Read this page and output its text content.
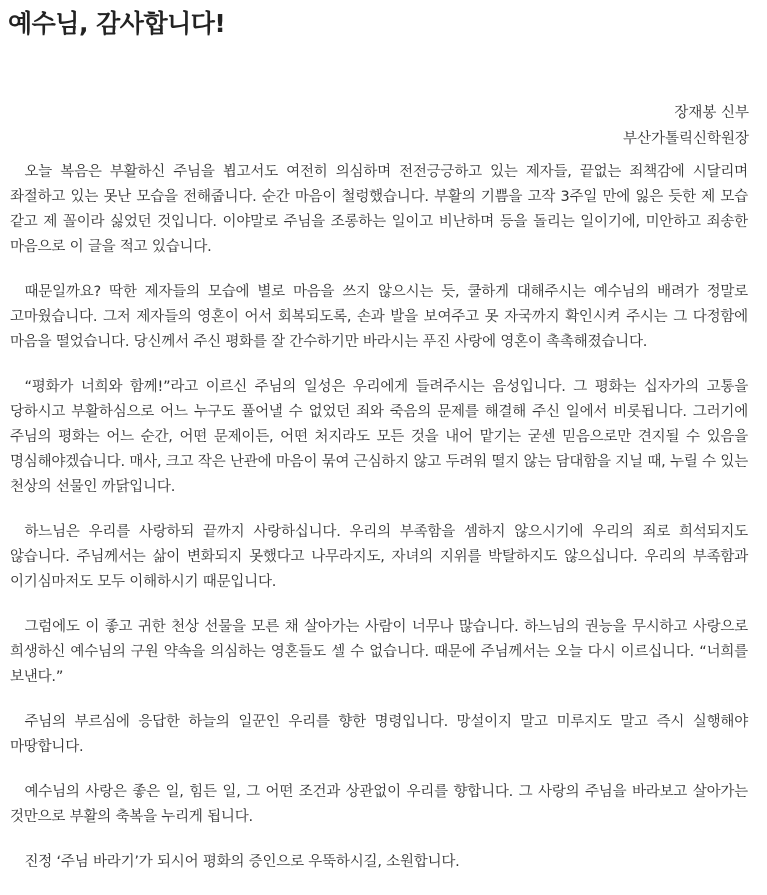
예수님, 감사합니다!
장재봉 신부
부산가톨릭신학원장

오늘 복음은 부활하신 주님을 뵙고서도 여전히 의심하며 전전긍긍하고 있는 제자들, 끝없는 죄책감에 시달리며 좌절하고 있는 못난 모습을 전해줍니다. 순간 마음이 철렁했습니다. 부활의 기쁨을 고작 3주일 만에 잃은 듯한 제 모습 같고 제 꼴이라 싫었던 것입니다. 이야말로 주님을 조롱하는 일이고 비난하며 등을 돌리는 일이기에, 미안하고 죄송한 마음으로 이 글을 적고 있습니다.

때문일까요? 딱한 제자들의 모습에 별로 마음을 쓰지 않으시는 듯, 쿨하게 대해주시는 예수님의 배려가 정말로 고마웠습니다. 그저 제자들의 영혼이 어서 회복되도록, 손과 발을 보여주고 못 자국까지 확인시켜 주시는 그 다정함에 마음을 떨었습니다. 당신께서 주신 평화를 잘 간수하기만 바라시는 푸진 사랑에 영혼이 촉촉해졌습니다.

“평화가 너희와 함께!”라고 이르신 주님의 일성은 우리에게 들려주시는 음성입니다. 그 평화는 십자가의 고통을 당하시고 부활하심으로 어느 누구도 풀어낼 수 없었던 죄와 죽음의 문제를 해결해 주신 일에서 비롯됩니다. 그러기에 주님의 평화는 어느 순간, 어떤 문제이든, 어떤 처지라도 모든 것을 내어 맡기는 굳센 믿음으로만 견지될 수 있음을 명심해야겠습니다. 매사, 크고 작은 난관에 마음이 묶여 근심하지 않고 두려워 떨지 않는 담대함을 지닐 때, 누릴 수 있는 천상의 선물인 까닭입니다.

하느님은 우리를 사랑하되 끝까지 사랑하십니다. 우리의 부족함을 셈하지 않으시기에 우리의 죄로 희석되지도 않습니다. 주님께서는 삶이 변화되지 못했다고 나무라지도, 자녀의 지위를 박탈하지도 않으십니다. 우리의 부족함과 이기심마저도 모두 이해하시기 때문입니다.

그럼에도 이 좋고 귀한 천상 선물을 모른 채 살아가는 사람이 너무나 많습니다. 하느님의 권능을 무시하고 사랑으로 희생하신 예수님의 구원 약속을 의심하는 영혼들도 셀 수 없습니다. 때문에 주님께서는 오늘 다시 이르십니다. “너희를 보낸다.”

주님의 부르심에 응답한 하늘의 일꾼인 우리를 향한 명령입니다. 망설이지 말고 미루지도 말고 즉시 실행해야 마땅합니다.

예수님의 사랑은 좋은 일, 힘든 일, 그 어떤 조건과 상관없이 우리를 향합니다. 그 사랑의 주님을 바라보고 살아가는 것만으로 부활의 축복을 누리게 됩니다.

진정 ‘주님 바라기’가 되시어 평화의 증인으로 우뚝하시길, 소원합니다.
